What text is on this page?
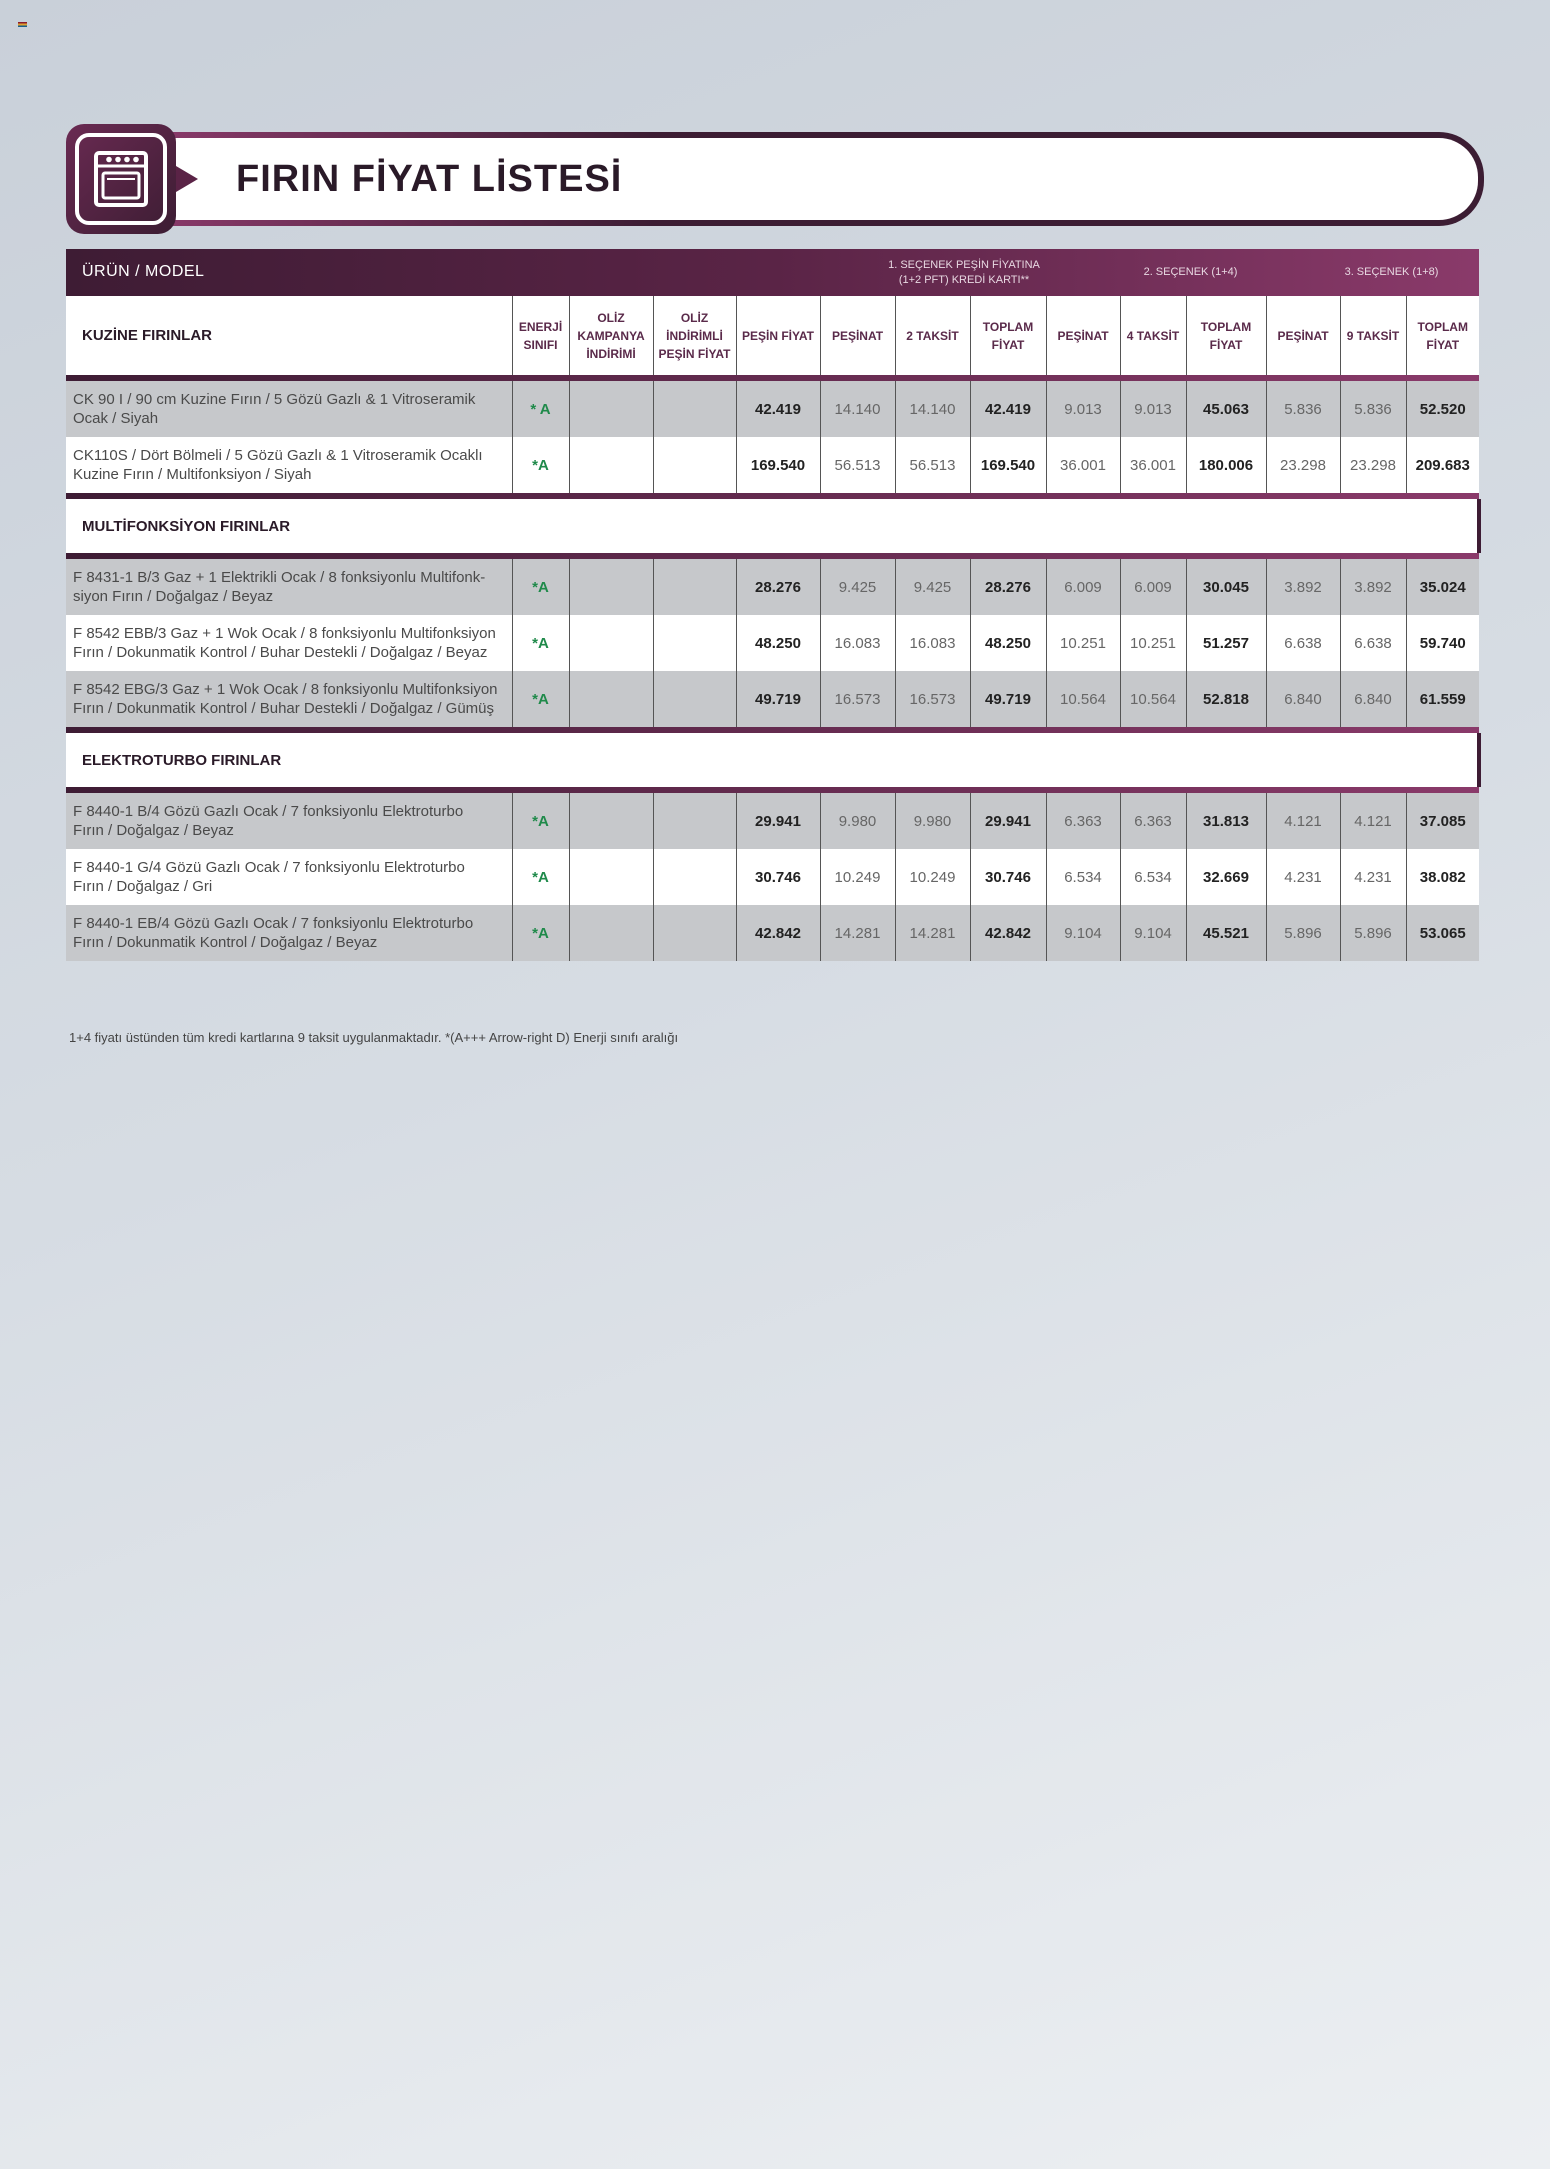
FIRIN FİYAT LİSTESİ
ÜRÜN / MODEL	1. SEÇENEK PEŞİN FİYATINA
(1+2 PFT) KREDİ KARTI**
2. SEÇENEK (1+4)	3. SEÇENEK (1+8)
KUZİNE FIRINLAR	ENERJİ SINIFI	OLİZ KAMPANYA İNDİRİMİ	OLİZ İNDİRİMLİ PEŞİN FİYAT	PEŞİN FİYAT	PEŞİNAT	2 TAKSİT	TOPLAM FİYAT	PEŞİNAT	4 TAKSİT	TOPLAM FİYAT	PEŞİNAT	9 TAKSİT	TOPLAM FİYAT

CK 90 I / 90 cm Kuzine Fırın / 5 Gözü Gazlı & 1 Vitroseramik
Ocak / Siyah	* A			42.419	14.140	14.140	42.419	9.013	9.013	45.063	5.836	5.836	52.520
CK110S / Dört Bölmeli / 5 Gözü Gazlı & 1 Vitroseramik Ocaklı
Kuzine Fırın / Multifonksiyon / Siyah	*A			169.540	56.513	56.513	169.540	36.001	36.001	180.006	23.298	23.298	209.683

MULTİFONKSİYON FIRINLAR													

F 8431-1 B/3 Gaz + 1 Elektrikli Ocak / 8 fonksiyonlu Multifonk-
siyon Fırın / Doğalgaz / Beyaz	*A			28.276	9.425	9.425	28.276	6.009	6.009	30.045	3.892	3.892	35.024
F 8542 EBB/3 Gaz + 1 Wok Ocak / 8 fonksiyonlu Multifonksiyon
Fırın / Dokunmatik Kontrol / Buhar Destekli / Doğalgaz / Beyaz	*A			48.250	16.083	16.083	48.250	10.251	10.251	51.257	6.638	6.638	59.740
F 8542 EBG/3 Gaz + 1 Wok Ocak / 8 fonksiyonlu Multifonksiyon
Fırın / Dokunmatik Kontrol / Buhar Destekli / Doğalgaz / Gümüş	*A			49.719	16.573	16.573	49.719	10.564	10.564	52.818	6.840	6.840	61.559

ELEKTROTURBO FIRINLAR													

F 8440-1 B/4 Gözü Gazlı Ocak / 7 fonksiyonlu Elektroturbo
Fırın / Doğalgaz / Beyaz	*A			29.941	9.980	9.980	29.941	6.363	6.363	31.813	4.121	4.121	37.085
F 8440-1 G/4 Gözü Gazlı Ocak / 7 fonksiyonlu Elektroturbo
Fırın / Doğalgaz / Gri	*A			30.746	10.249	10.249	30.746	6.534	6.534	32.669	4.231	4.231	38.082
F 8440-1 EB/4 Gözü Gazlı Ocak / 7 fonksiyonlu Elektroturbo
Fırın / Dokunmatik Kontrol / Doğalgaz / Beyaz	*A			42.842	14.281	14.281	42.842	9.104	9.104	45.521	5.896	5.896	53.065
1+4 fiyatı üstünden tüm kredi kartlarına 9 taksit uygulanmaktadır. *(A+++ Arrow-right D) Enerji sınıfı aralığı
